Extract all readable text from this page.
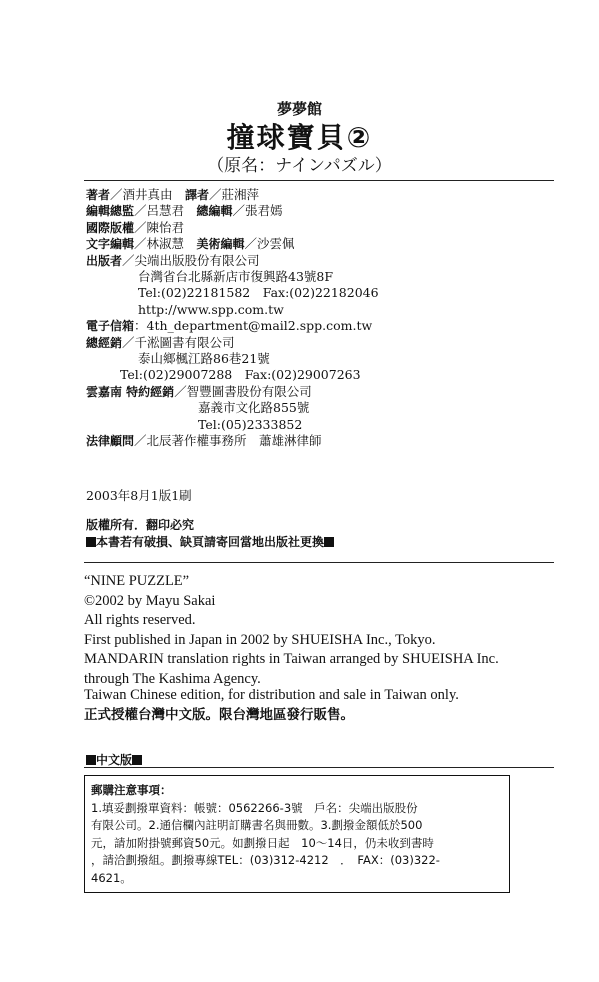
夢夢館
撞球寶貝②
（原名：ナインパズル）
著者／酒井真由　譯者／莊湘萍
編輯總監／呂慧君　總編輯／張君嫣
國際版權／陳怡君
文字編輯／林淑慧　美術編輯／沙雲佩
出版者／尖端出版股份有限公司
台灣省台北縣新店市復興路43號8F
Tel:(02)22181582　Fax:(02)22182046
http://www.spp.com.tw
電子信箱：4th_department@mail2.spp.com.tw
總經銷／千淞圖書有限公司
泰山鄉楓江路86巷21號
Tel:(02)29007288　Fax:(02)29007263
雲嘉南 特約經銷／智豐圖書股份有限公司
嘉義市文化路855號
Tel:(05)2333852
法律顧問／北辰著作權事務所　蕭雄淋律師
2003年8月1版1刷
版權所有．翻印必究
本書若有破損、缺頁請寄回當地出版社更換
“NINE PUZZLE”
©2002 by Mayu Sakai
All rights reserved.
First published in Japan in 2002 by SHUEISHA Inc., Tokyo.
MANDARIN translation rights in Taiwan arranged by SHUEISHA Inc.
through The Kashima Agency.
Taiwan Chinese edition, for distribution and sale in Taiwan only.
正式授權台灣中文版。限台灣地區發行販售。
中文版
郵購注意事項：
1.填妥劃撥單資料：帳號：0562266-3號　戶名：尖端出版股份
有限公司。2.通信欄內註明訂購書名與冊數。3.劃撥金額低於500
元，請加附掛號郵資50元。如劃撥日起　10～14日，仍未收到書時
，請洽劃撥組。劃撥專線TEL：(03)312-4212　．　FAX：(03)322-
4621。
